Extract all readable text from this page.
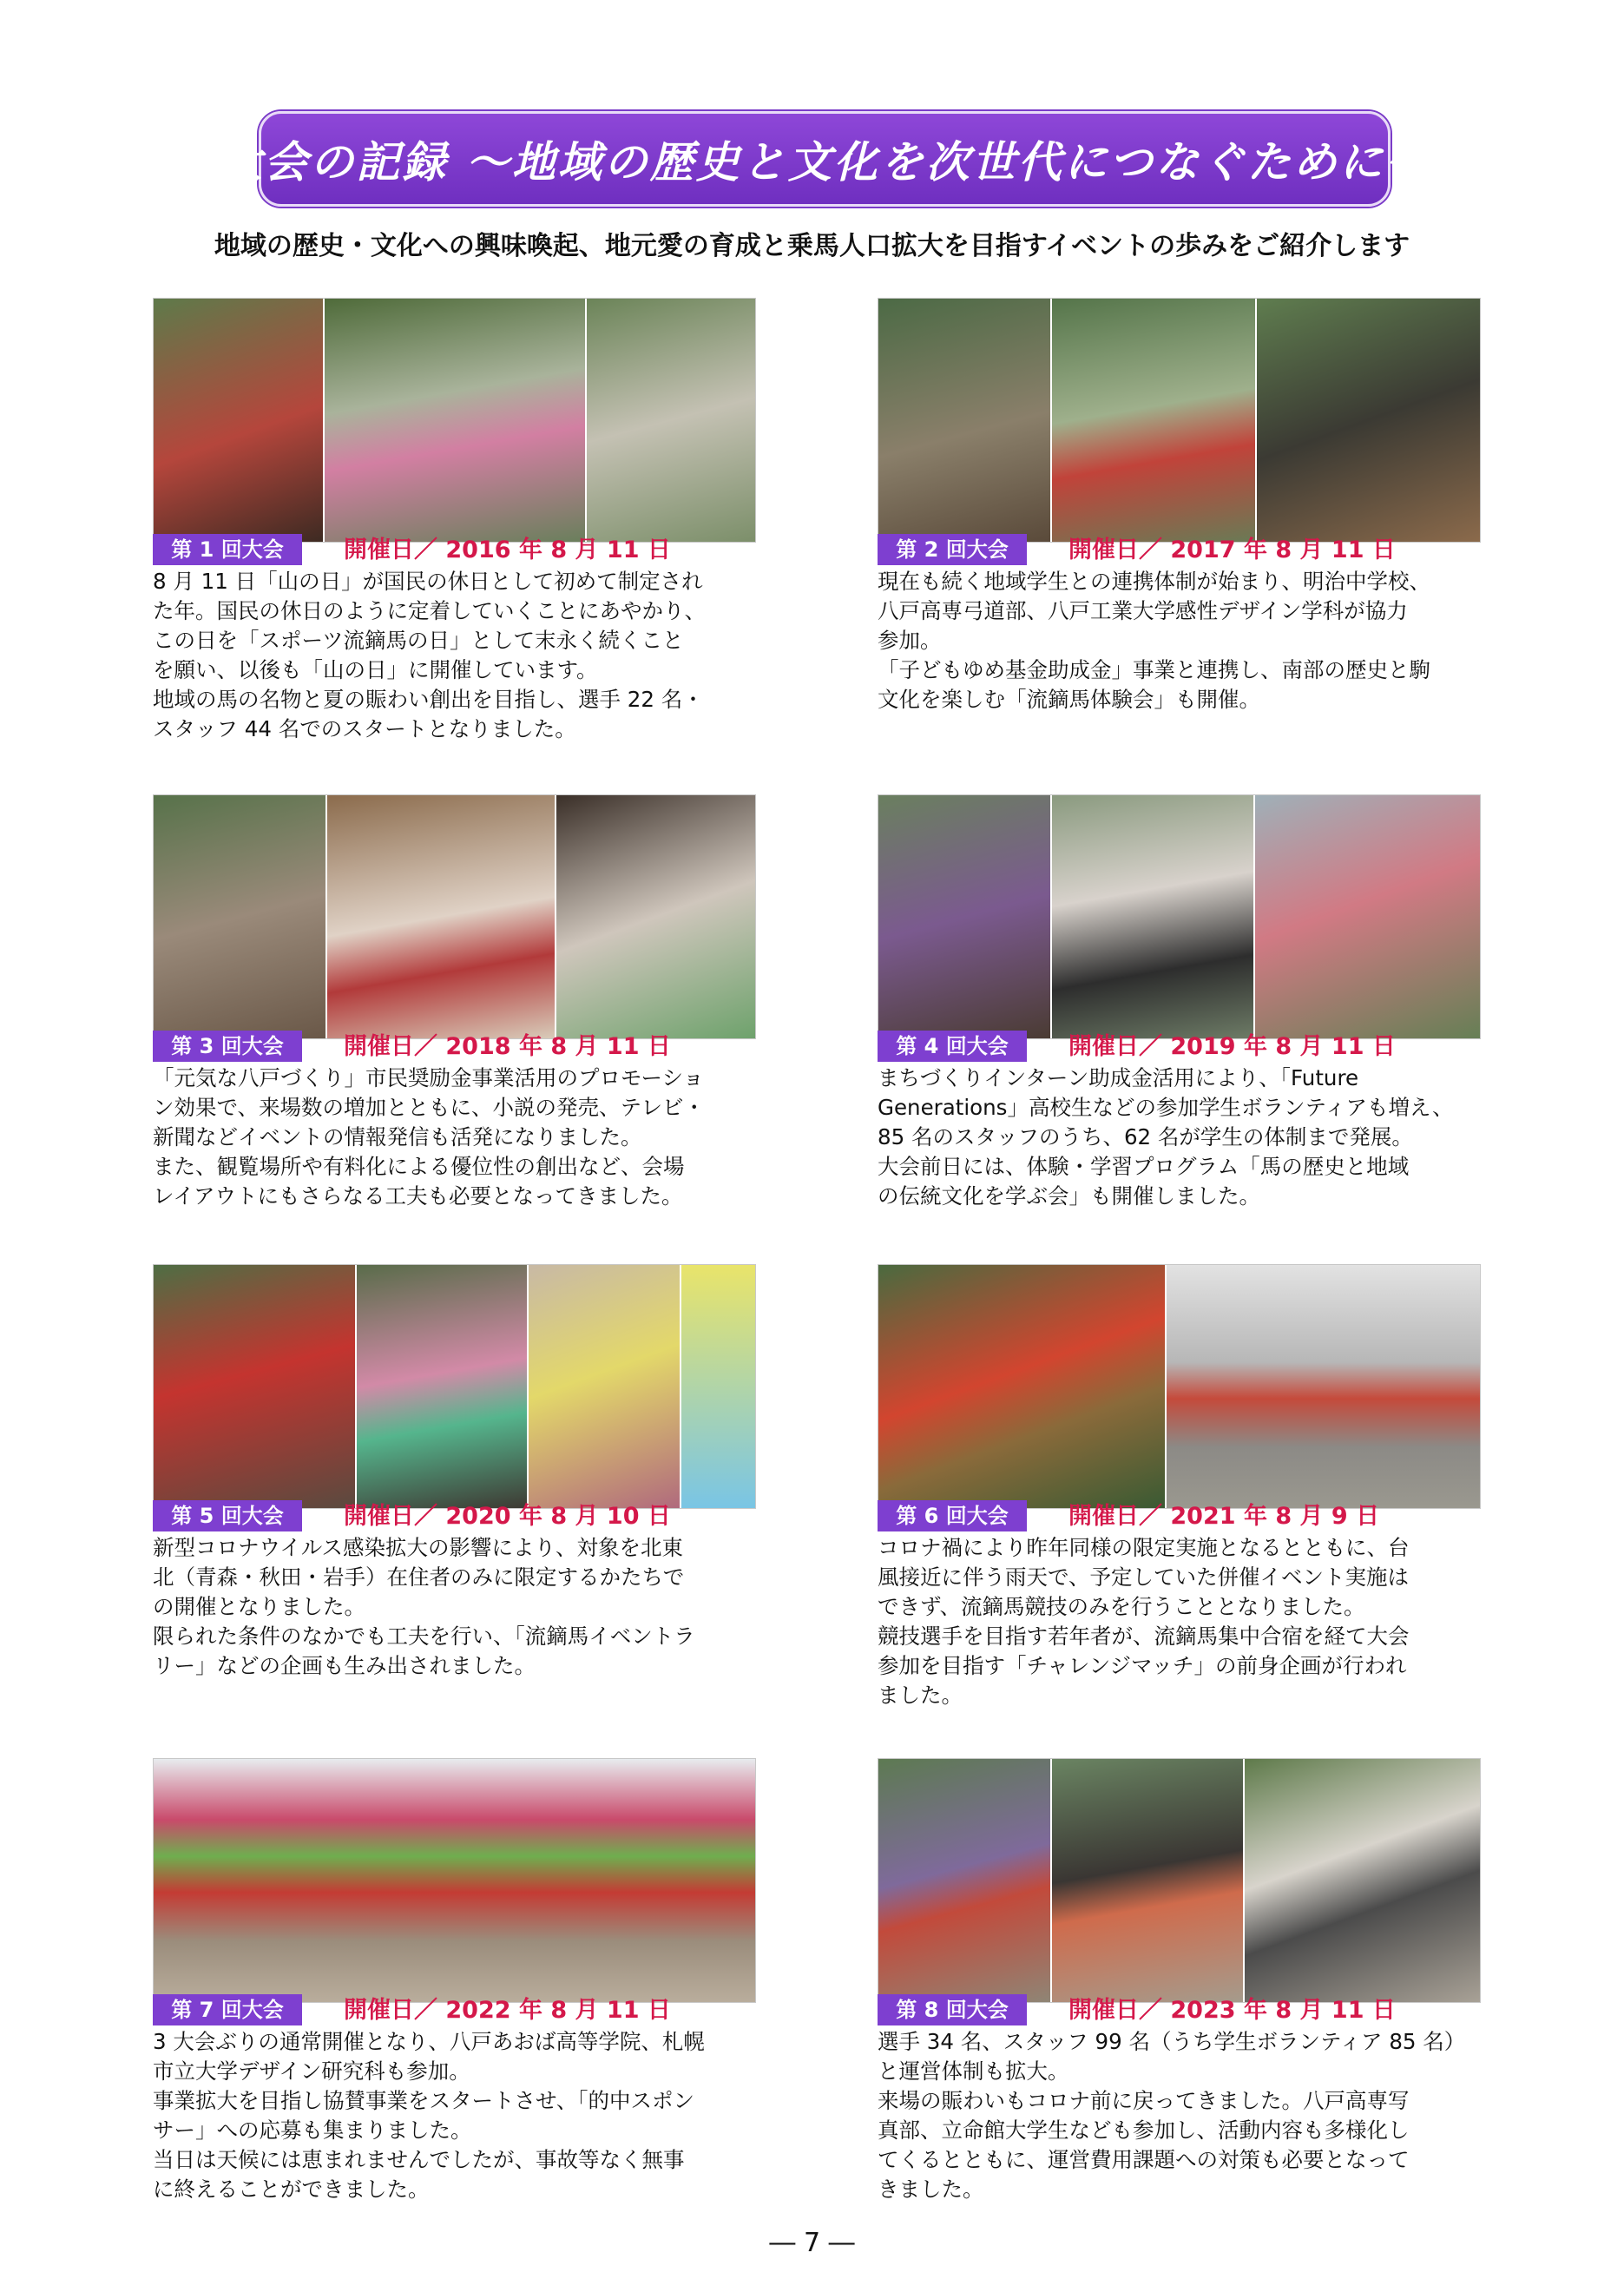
大会の記録 〜地域の歴史と文化を次世代につなぐために〜
地域の歴史・文化への興味喚起、地元愛の育成と乗馬人口拡大を目指すイベントの歩みをご紹介します
第 1 回大会	開催日／ 2016 年 8 月 11 日

8 月 11 日「山の日」が国民の休日として初めて制定され

た年。国民の休日のように定着していくことにあやかり、

この日を「スポーツ流鏑馬の日」として末永く続くこと

を願い、以後も「山の日」に開催しています。

地域の馬の名物と夏の賑わい創出を目指し、選手 22 名・

スタッフ 44 名でのスタートとなりました。

第 2 回大会	開催日／ 2017 年 8 月 11 日

現在も続く地域学生との連携体制が始まり、明治中学校、

八戸高専弓道部、八戸工業大学感性デザイン学科が協力

参加。

「子どもゆめ基金助成金」事業と連携し、南部の歴史と駒

文化を楽しむ「流鏑馬体験会」も開催。

第 3 回大会	開催日／ 2018 年 8 月 11 日

「元気な八戸づくり」市民奨励金事業活用のプロモーショ

ン効果で、来場数の増加とともに、小説の発売、テレビ・

新聞などイベントの情報発信も活発になりました。

また、観覧場所や有料化による優位性の創出など、会場

レイアウトにもさらなる工夫も必要となってきました。

第 4 回大会	開催日／ 2019 年 8 月 11 日

まちづくりインターン助成金活用により、「Future

Generations」高校生などの参加学生ボランティアも増え、

85 名のスタッフのうち、62 名が学生の体制まで発展。

大会前日には、体験・学習プログラム「馬の歴史と地域

の伝統文化を学ぶ会」も開催しました。

第 5 回大会	開催日／ 2020 年 8 月 10 日

新型コロナウイルス感染拡大の影響により、対象を北東

北（青森・秋田・岩手）在住者のみに限定するかたちで

の開催となりました。

限られた条件のなかでも工夫を行い、「流鏑馬イベントラ

リー」などの企画も生み出されました。

第 6 回大会	開催日／ 2021 年 8 月 9 日

コロナ禍により昨年同様の限定実施となるとともに、台

風接近に伴う雨天で、予定していた併催イベント実施は

できず、流鏑馬競技のみを行うこととなりました。

競技選手を目指す若年者が、流鏑馬集中合宿を経て大会

参加を目指す「チャレンジマッチ」の前身企画が行われ

ました。

第 7 回大会	開催日／ 2022 年 8 月 11 日

3 大会ぶりの通常開催となり、八戸あおば高等学院、札幌

市立大学デザイン研究科も参加。

事業拡大を目指し協賛事業をスタートさせ、「的中スポン

サー」への応募も集まりました。

当日は天候には恵まれませんでしたが、事故等なく無事

に終えることができました。

第 8 回大会	開催日／ 2023 年 8 月 11 日

選手 34 名、スタッフ 99 名（うち学生ボランティア 85 名）

と運営体制も拡大。

来場の賑わいもコロナ前に戻ってきました。八戸高専写

真部、立命館大学生なども参加し、活動内容も多様化し

てくるとともに、運営費用課題への対策も必要となって

きました。

― 7 ―
